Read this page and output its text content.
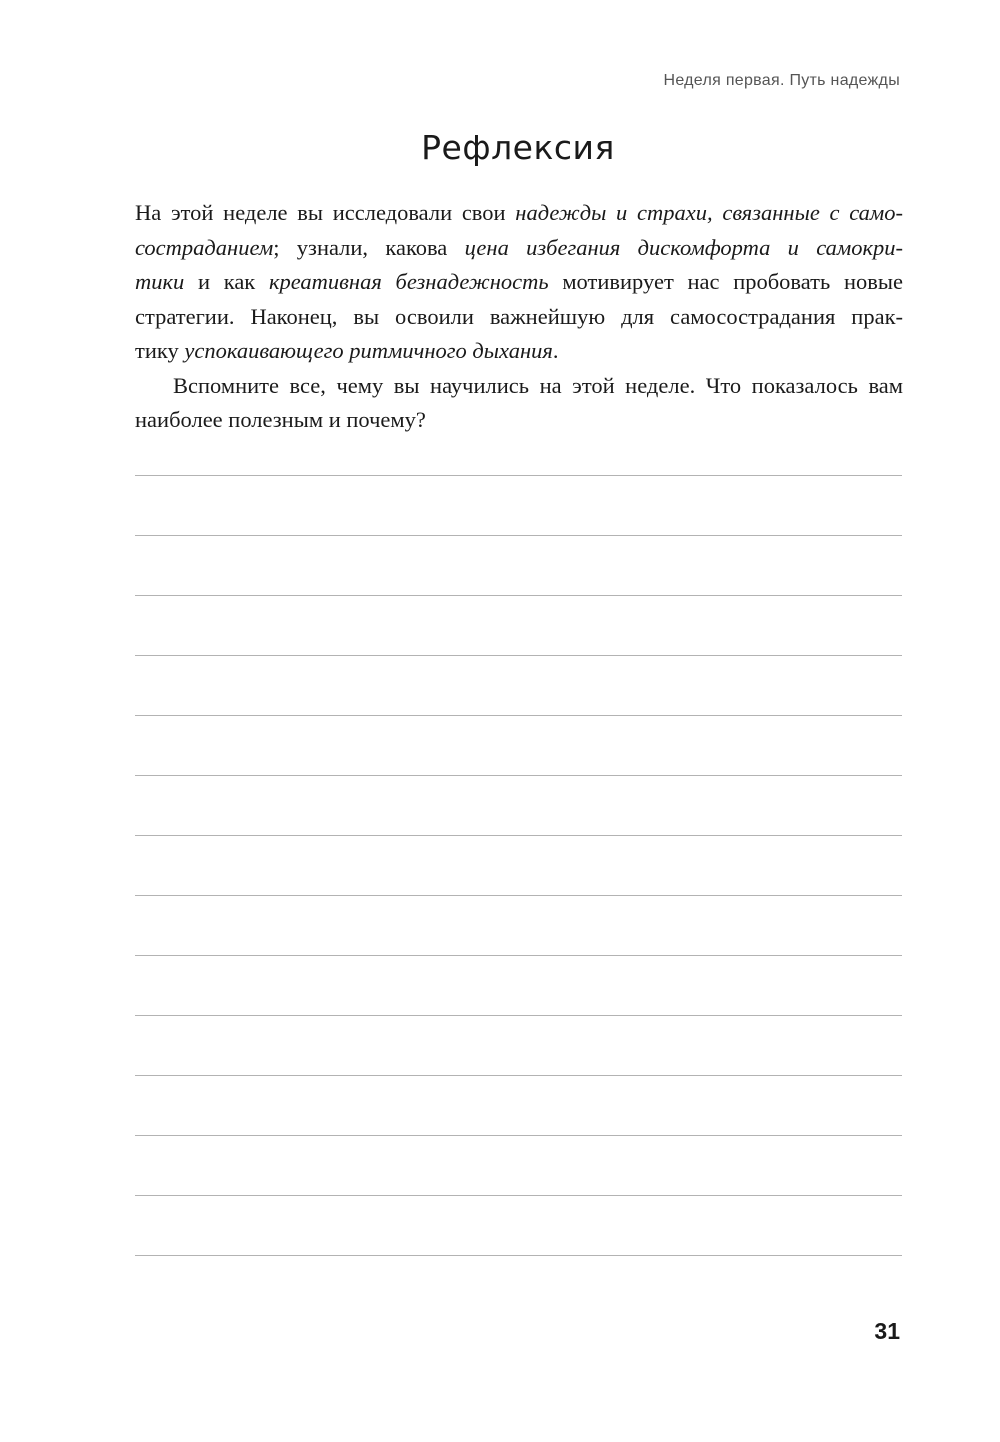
Неделя первая. Путь надежды
Рефлексия
На этой неделе вы исследовали свои надежды и страхи, связанные с само-
состраданием; узнали, какова цена избегания дискомфорта и самокри-
тики и как креативная безнадежность мотивирует нас пробовать новые
стратегии. Наконец, вы освоили важнейшую для самосострадания прак-
тику успокаивающего ритмичного дыхания.
Вспомните все, чему вы научились на этой неделе. Что показалось вам
наиболее полезным и почему?
31
